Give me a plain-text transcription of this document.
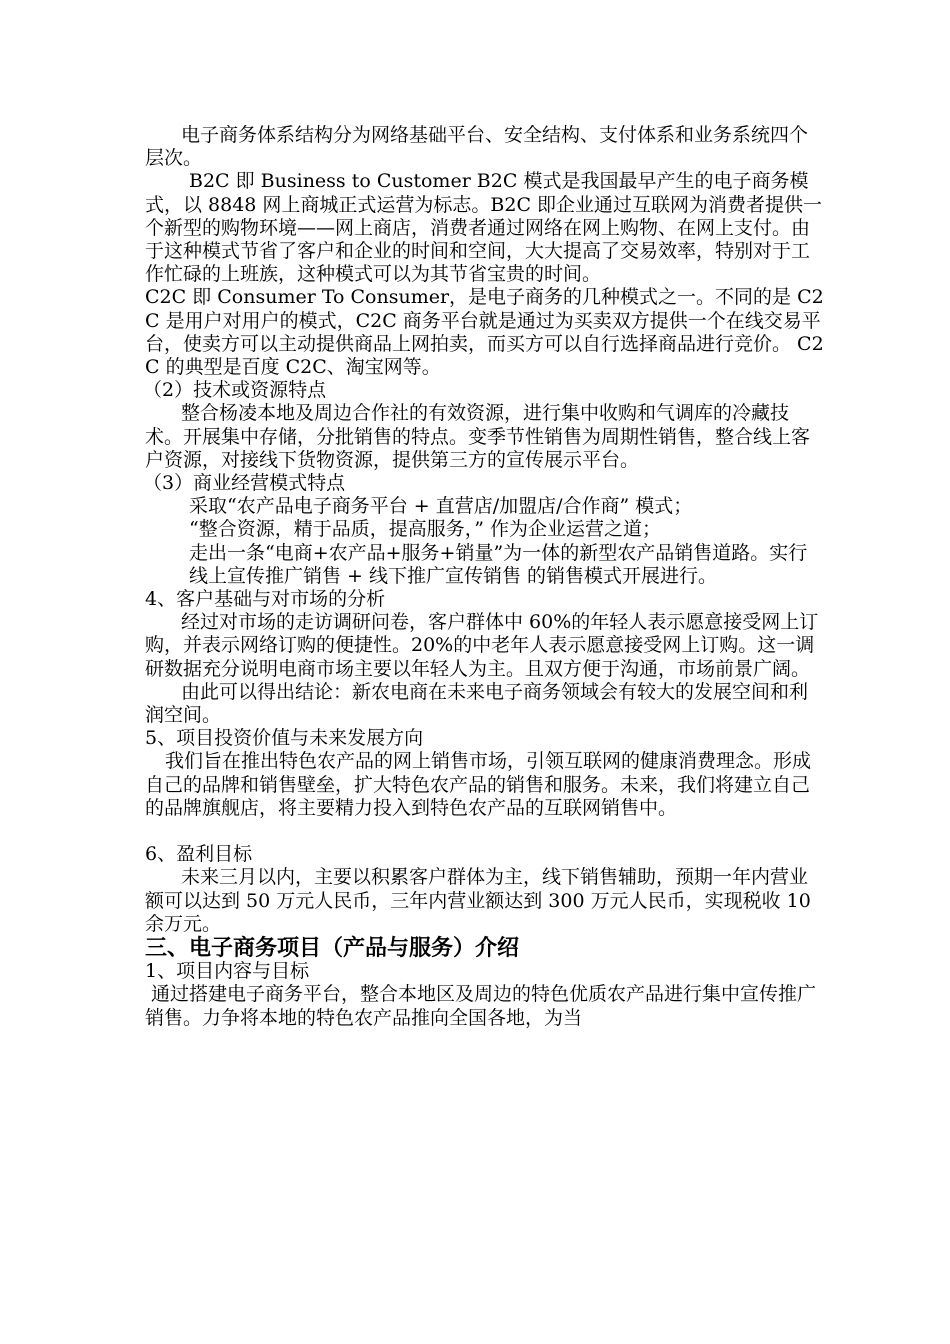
电子商务体系结构分为网络基础平台、安全结构、支付体系和业务系统四个层次。

B2C 即 Business to Customer B2C 模式是我国最早产生的电子商务模式，以 8848 网上商城正式运营为标志。B2C 即企业通过互联网为消费者提供一个新型的购物环境——网上商店，消费者通过网络在网上购物、在网上支付。由于这种模式节省了客户和企业的时间和空间，大大提高了交易效率，特别对于工作忙碌的上班族，这种模式可以为其节省宝贵的时间。

C2C 即 Consumer To Consumer，是电子商务的几种模式之一。不同的是 C2C 是用户对用户的模式，C2C 商务平台就是通过为买卖双方提供一个在线交易平台，使卖方可以主动提供商品上网拍卖，而买方可以自行选择商品进行竞价。 C2C 的典型是百度 C2C、淘宝网等。

（2）技术或资源特点

整合杨凌本地及周边合作社的有效资源，进行集中收购和气调库的冷藏技术。开展集中存储，分批销售的特点。变季节性销售为周期性销售，整合线上客户资源，对接线下货物资源，提供第三方的宣传展示平台。

（3）商业经营模式特点

采取“农产品电子商务平台 + 直营店/加盟店/合作商” 模式；

“整合资源，精于品质，提高服务，” 作为企业运营之道；

走出一条“电商+农产品+服务+销量”为一体的新型农产品销售道路。实行线上宣传推广销售 + 线下推广宣传销售 的销售模式开展进行。

4、客户基础与对市场的分析

经过对市场的走访调研问卷，客户群体中 60%的年轻人表示愿意接受网上订购，并表示网络订购的便捷性。20%的中老年人表示愿意接受网上订购。这一调研数据充分说明电商市场主要以年轻人为主。且双方便于沟通，市场前景广阔。

由此可以得出结论：新农电商在未来电子商务领域会有较大的发展空间和利润空间。

5、项目投资价值与未来发展方向

我们旨在推出特色农产品的网上销售市场，引领互联网的健康消费理念。形成自己的品牌和销售壁垒，扩大特色农产品的销售和服务。未来，我们将建立自己的品牌旗舰店，将主要精力投入到特色农产品的互联网销售中。

6、盈利目标

未来三月以内，主要以积累客户群体为主，线下销售辅助，预期一年内营业额可以达到 50 万元人民币，三年内营业额达到 300 万元人民币，实现税收 10 余万元。

三、电子商务项目（产品与服务）介绍

1、项目内容与目标

通过搭建电子商务平台，整合本地区及周边的特色优质农产品进行集中宣传推广销售。力争将本地的特色农产品推向全国各地，为当
